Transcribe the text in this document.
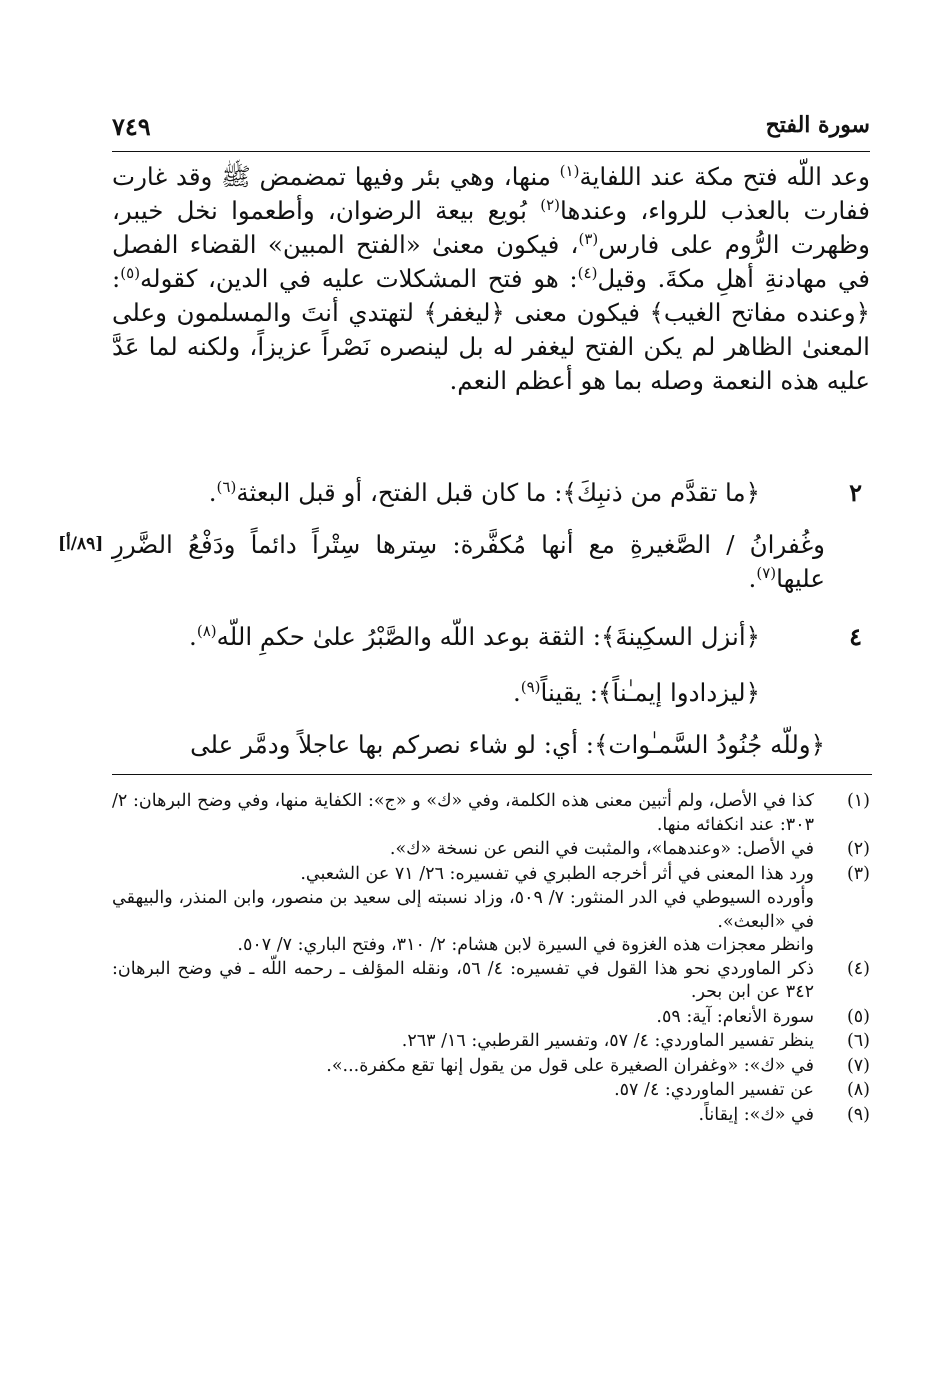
سورة الفتح
٧٤٩

وعد اللّه فتح مكة عند اللفاية$^{(١)}$ منها، وهي بئر وفيها تمضمض ﷺ وقد غارت ففارت بالعذب للرواء، وعندها$^{(٢)}$ بُويع بيعة الرضوان، وأطعموا نخل خيبر، وظهرت الرُّوم على فارس$^{(٣)}$، فيكون معنىٰ «الفتح المبين» القضاء الفصل في مهادنةِ أهلِ مكةَ. وقيل$^{(٤)}$: هو فتح المشكلات عليه في الدين، كقوله$^{(٥)}$: ﴿وعنده مفاتح الغيب﴾ فيكون معنى ﴿ليغفر﴾ لتهتدي أنتَ والمسلمون وعلى المعنىٰ الظاهر لم يكن الفتح ليغفر له بل لينصره نَصْراً عزيزاً، ولكنه لما عَدَّ عليه هذه النعمة وصله بما هو أعظم النعم.

٢
﴿ما تقدَّم من ذنبِكَ﴾: ما كان قبل الفتح، أو قبل البعثة$^{(٦)}$.
وغُفرانُ / الصَّغيرةِ مع أنها مُكفَّرة: سِترها سِتْراً دائماً ودَفْعُ الضَّررِ عليها$^{(٧)}$.
[٨٩/أ]
٤
﴿أنزل السكِينةَ﴾: الثقة بوعد اللّه والصَّبْرُ علىٰ حكمِ اللّه$^{(٨)}$.
﴿ليزدادوا إيمـٰناً﴾: يقيناً$^{(٩)}$.
﴿وللّه جُنُودُ السَّمـٰوات﴾: أي: لو شاء نصركم بها عاجلاً ودمَّر على
(١)
كذا في الأصل، ولم أتبين معنى هذه الكلمة، وفي «ك» و «ج»: الكفاية منها، وفي وضح البرهان: ٢/ ٣٠٣: عند انكفائه منها.
(٢)
في الأصل: «وعندهما»، والمثبت في النص عن نسخة «ك».
(٣)
ورد هذا المعنى في أثر أخرجه الطبري في تفسيره: ٢٦/ ٧١ عن الشعبي.
وأورده السيوطي في الدر المنثور: ٧/ ٥٠٩، وزاد نسبته إلى سعيد بن منصور، وابن المنذر، والبيهقي في «البعث».
وانظر معجزات هذه الغزوة في السيرة لابن هشام: ٢/ ٣١٠، وفتح الباري: ٧/ ٥٠٧.
(٤)
ذكر الماوردي نحو هذا القول في تفسيره: ٤/ ٥٦، ونقله المؤلف ـ رحمه اللّه ـ في وضح البرهان: ٣٤٢ عن ابن بحر.
(٥)
سورة الأنعام: آية: ٥٩.
(٦)
ينظر تفسير الماوردي: ٤/ ٥٧، وتفسير القرطبي: ١٦/ ٢٦٣.
(٧)
في «ك»: «وغفران الصغيرة على قول من يقول إنها تقع مكفرة...».
(٨)
عن تفسير الماوردي: ٤/ ٥٧.
(٩)
في «ك»: إيقاناً.
